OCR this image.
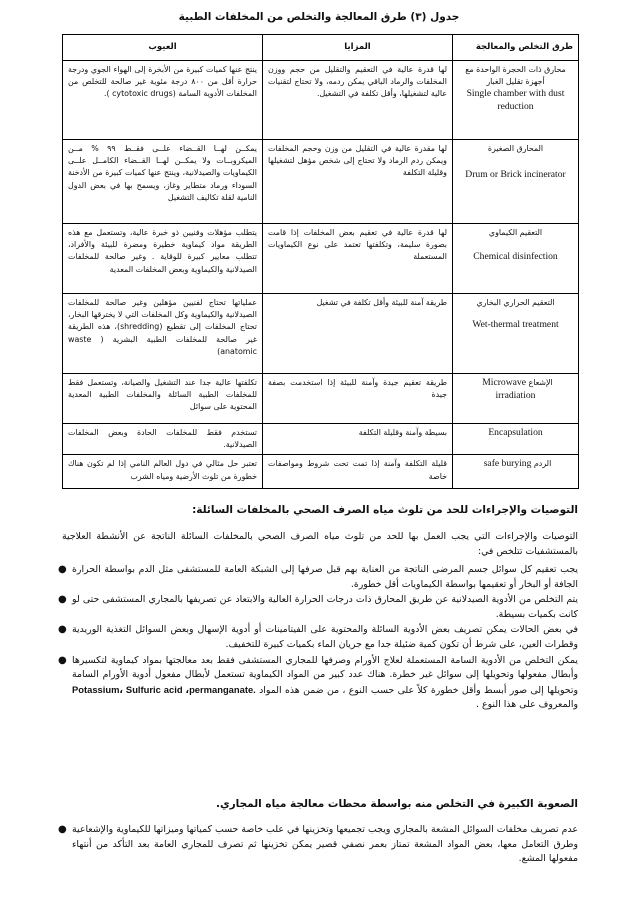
جدول (٣) طرق المعالجة والتخلص من المخلفات الطبية
طرق التخلص والمعالجة	المزايا	العيوب

محارق ذات الحجرة الواحدة مع أجهزة تقليل الغبار
Single chamber with dust reduction	لها قدرة عالية في التعقيم والتقليل من حجم ووزن المخلفات والرماد الباقي يمكن ردمه، ولا تحتاج لتقنيات عالية لتشغيلها، وأقل تكلفة في التشغيل.	ينتج عنها كميات كبيرة من الأبخرة إلى الهواء الجوي ودرجة حرارة أقل من ٨٠٠ درجة مئوية غير صالحة للتخلص من المخلفات الأدوية السامة (cytotoxic drugs ).

المحارق الصغيرة
Drum or Brick incinerator	لها مقدرة عالية في التقليل من وزن وحجم المخلفات ويمكن ردم الرماد ولا تحتاج إلى شخص مؤهل لتشغيلها وقليلة التكلفة	يمكــن لهــا القــضاء علــى فقــط ٩٩ % مــن الميكروبــات ولا يمكــن لهــا القــضاء الكامــل علــى الكيماويات والصيدلانية، وينتج عنها كميات كبيرة من الأدخنة السوداء ورماد متطاير وغاز، ويسمح بها في بعض الدول النامية لقلة تكاليف التشغيل

التعقيم الكيماوي
Chemical disinfection	لها قدرة عالية في تعقيم بعض المخلفات إذا قامت بصورة سليمة، وتكلفتها تعتمد على نوع الكيماويات المستعملة	يتطلب مؤهلات وفنيين ذو خبرة عالية، وتستعمل مع هذه الطريقة مواد كيماوية خطيرة ومضرة للبيئة والأفراد، تتطلب معايير كبيرة للوقاية . وغير صالحة للمخلفات الصيدلانية والكيماوية وبعض المخلفات المعدية

التعقيم الحراري البخاري
Wet-thermal treatment	طريقة آمنة للبيئة وأقل تكلفة في تشغيل	عملياتها تحتاج لفنيين مؤهلين وغير صالحة للمخلفات الصيدلانية والكيماوية وكل المخلفات التي لا يخترقها البخار، تحتاج المخلفات إلى تقطيع (shredding)، هذه الطريقة غير صالحة للمخلفات الطبية البشرية ( waste anatomic)
الإشعاع Microwave irradiation	طريقة تعقيم جيدة وآمنة للبيئة إذا استخدمت بصفة جيدة	تكلفتها عالية جدا عند التشغيل والصيانة، وتستعمل فقط للمخلفات الطبية السائلة والمخلفات الطبية المعدية المحتوية على سوائل

Encapsulation	بسيطة وآمنة وقليلة التكلفة	تستخدم فقط للمخلفات الحادة وبعض المخلفات الصيدلانية.
الردم safe burying	قليلة التكلفة وآمنة إذا تمت تحت شروط ومواصفات خاصة	تعتبر حل مثالي في دول العالم النامي إذا لم تكون هناك خطورة من تلوث الأرضية ومياه الشرب
التوصيات والإجراءات للحد من تلوث مياه الصرف الصحي بالمخلفات السائلة:

التوصيات والإجراءات التي يجب العمل بها للحد من تلوث مياه الصرف الصحي بالمخلفات السائلة الناتجة عن الأنشطة العلاجية بالمستشفيات تتلخص في:

● يجب تعقيم كل سوائل جسم المرضى الناتجة من العناية بهم قبل صرفها إلى الشبكة العامة للمستشفى مثل الدم بواسطة الحرارة الجافة أو البخار أو تعقيمها بواسطة الكيماويات أقل خطورة.
● يتم التخلص من الأدوية الصيدلانية عن طريق المحارق ذات درجات الحرارة العالية والابتعاد عن تصريفها بالمجاري المستشفى حتى لو كانت بكميات بسيطة.
● في بعض الحالات يمكن تصريف بعض الأدوية السائلة والمحتوية على الفيتامينات أو أدوية الإسهال وبعض السوائل التغذية الوريدية وقطرات العين، على شرط أن تكون كمية ضئيلة جدا مع جريان الماء بكميات كبيرة للتخفيف.
● يمكن التخلص من الأدوية السامة المستعملة لعلاج الأورام وصرفها للمجاري المستشفى فقط بعد معالجتها بمواد كيماوية لتكسيرها وأبطال مفعولها وتحويلها إلى سوائل غير خطرة. هناك عدد كبير من المواد الكيماوية تستعمل لأبطال مفعول أدوية الأورام السامة وتحويلها إلى صور أبسط وأقل خطورة كلاً على حسب النوع ، من ضمن هذه المواد Potassium، Sulfuric acid ،permanganate. والمعروف على هذا النوع .
الصعوبة الكبيرة في التخلص منه بواسطة محطات معالجة مياه المجاري.
● عدم تصريف مخلفات السوائل المشعة بالمجاري ويجب تجميعها وتخزينها في علب خاصة حسب كمياتها وميزاتها للكيماوية والإشعاعية وطرق التعامل معها، بعض المواد المشعة تمتاز بعمر نصفي قصير يمكن تخزينها ثم تصرف للمجاري العامة بعد التأكد من أنتهاء مفعولها المشع.
